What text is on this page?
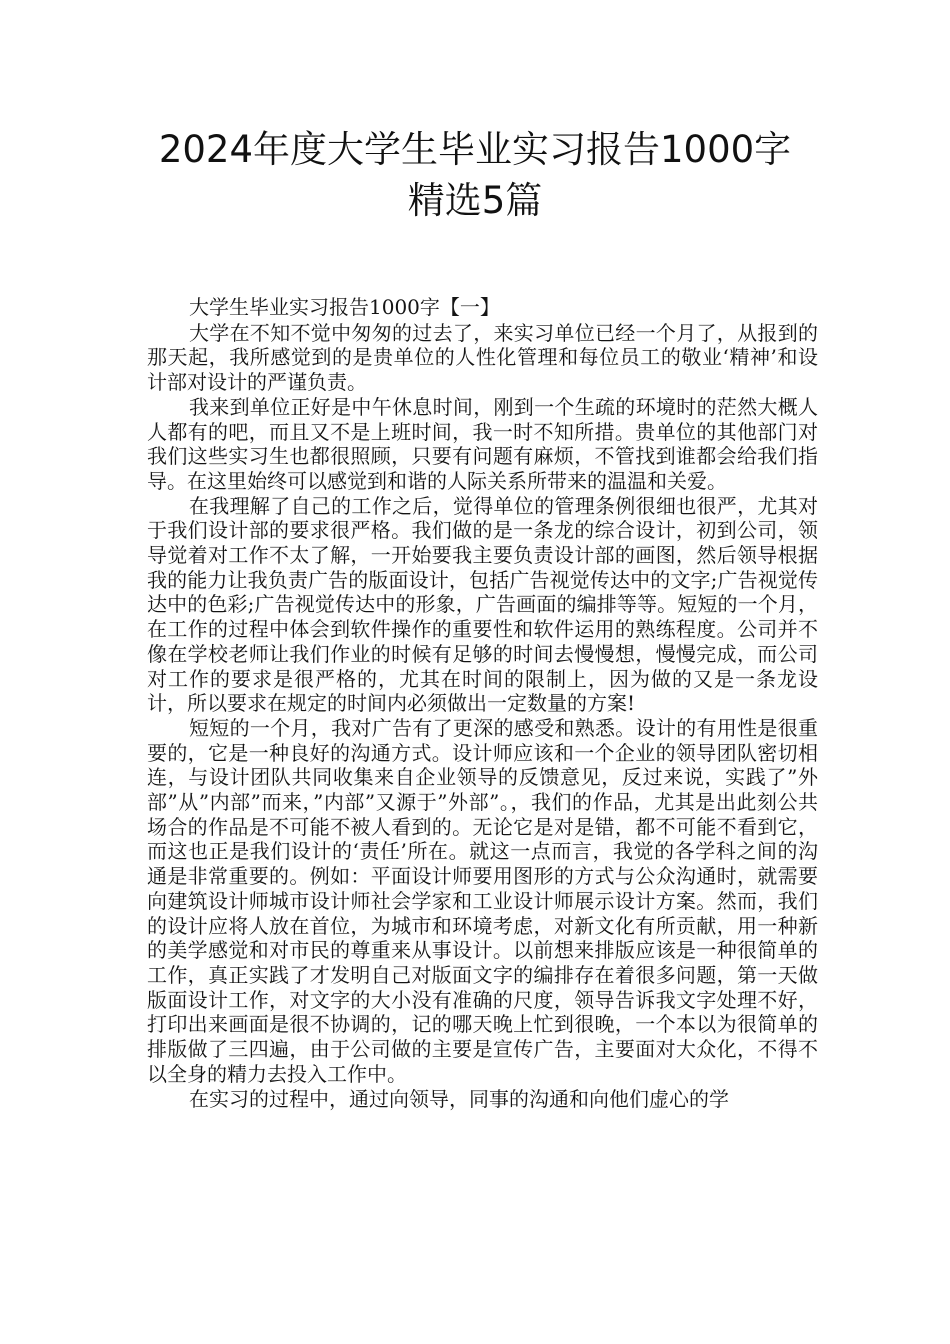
2024年度大学生毕业实习报告1000字
精选5篇
大学生毕业实习报告1000字【一】

大学在不知不觉中匆匆的过去了，来实习单位已经一个月了，从报到的那天起，我所感觉到的是贵单位的人性化管理和每位员工的敬业‘精神’和设计部对设计的严谨负责。

我来到单位正好是中午休息时间，刚到一个生疏的环境时的茫然大概人人都有的吧，而且又不是上班时间，我一时不知所措。贵单位的其他部门对我们这些实习生也都很照顾，只要有问题有麻烦，不管找到谁都会给我们指导。在这里始终可以感觉到和谐的人际关系所带来的温温和关爱。

在我理解了自己的工作之后，觉得单位的管理条例很细也很严，尤其对于我们设计部的要求很严格。我们做的是一条龙的综合设计，初到公司，领导觉着对工作不太了解，一开始要我主要负责设计部的画图，然后领导根据我的能力让我负责广告的版面设计，包括广告视觉传达中的文字;广告视觉传达中的色彩;广告视觉传达中的形象，广告画面的编排等等。短短的一个月，在工作的过程中体会到软件操作的重要性和软件运用的熟练程度。公司并不像在学校老师让我们作业的时候有足够的时间去慢慢想，慢慢完成，而公司对工作的要求是很严格的，尤其在时间的限制上，因为做的又是一条龙设计，所以要求在规定的时间内必须做出一定数量的方案!

短短的一个月，我对广告有了更深的感受和熟悉。设计的有用性是很重要的，它是一种良好的沟通方式。设计师应该和一个企业的领导团队密切相连，与设计团队共同收集来自企业领导的反馈意见，反过来说，实践了”外部”从”内部”而来，”内部”又源于”外部”。，我们的作品，尤其是出此刻公共场合的作品是不可能不被人看到的。无论它是对是错，都不可能不看到它，而这也正是我们设计的‘责任’所在。就这一点而言，我觉的各学科之间的沟通是非常重要的。例如：平面设计师要用图形的方式与公众沟通时，就需要向建筑设计师城市设计师社会学家和工业设计师展示设计方案。然而，我们的设计应将人放在首位，为城市和环境考虑，对新文化有所贡献，用一种新的美学感觉和对市民的尊重来从事设计。以前想来排版应该是一种很简单的工作，真正实践了才发明自己对版面文字的编排存在着很多问题，第一天做版面设计工作，对文字的大小没有准确的尺度，领导告诉我文字处理不好，打印出来画面是很不协调的，记的哪天晚上忙到很晚，一个本以为很简单的排版做了三四遍，由于公司做的主要是宣传广告，主要面对大众化，不得不以全身的精力去投入工作中。

在实习的过程中，通过向领导，同事的沟通和向他们虚心的学
